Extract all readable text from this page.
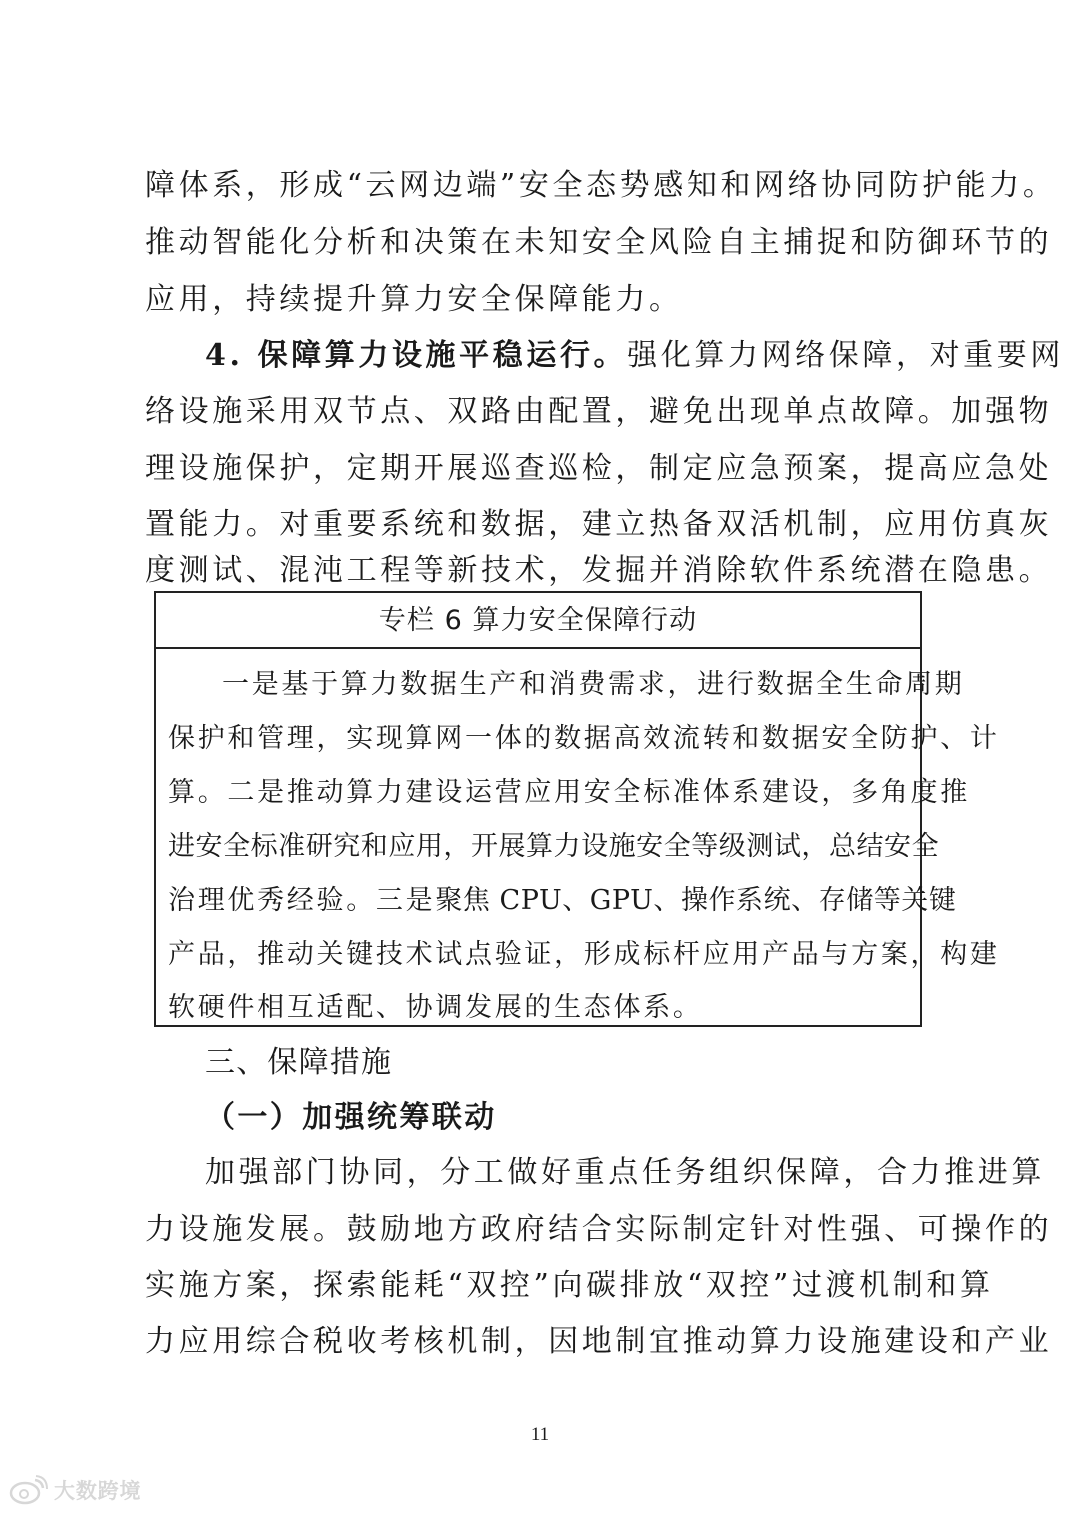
障体系，形成“云网边端”安全态势感知和网络协同防护能力。
推动智能化分析和决策在未知安全风险自主捕捉和防御环节的
应用，持续提升算力安全保障能力。
4. 保障算力设施平稳运行。 强化算力网络保障，对重要网
络设施采用双节点、双路由配置，避免出现单点故障。加强物
理设施保护，定期开展巡查巡检，制定应急预案，提高应急处
置能力。对重要系统和数据，建立热备双活机制，应用仿真灰
度测试、混沌工程等新技术，发掘并消除软件系统潜在隐患。
专栏 6 算力安全保障行动
一是 基于算力数据生产和消费需求，进行数据全生命周期
保护和管理，实现算网一体的数据高效流转和数据安全防护、计
算。 二是 推动算力建设运营应用安全标准体系建设，多角度推
进安全标准研究和应用，开展算力设施安全等级测试，总结安全
治理优秀经验。 三是 聚焦 CPU、GPU、操作系统、存储等关键
产品，推动关键技术试点验证，形成标杆应用产品与方案，构建
软硬件相互适配、协调发展的生态体系。
三、保障措施
（一）加强统筹联动
加强部门协同，分工做好重点任务组织保障，合力推进算
力设施发展。鼓励地方政府结合实际制定针对性强、可操作的
实施方案，探索能耗“双控”向碳排放“双控”过渡机制和算
力应用综合税收考核机制，因地制宜推动算力设施建设和产业
11
大数跨境
